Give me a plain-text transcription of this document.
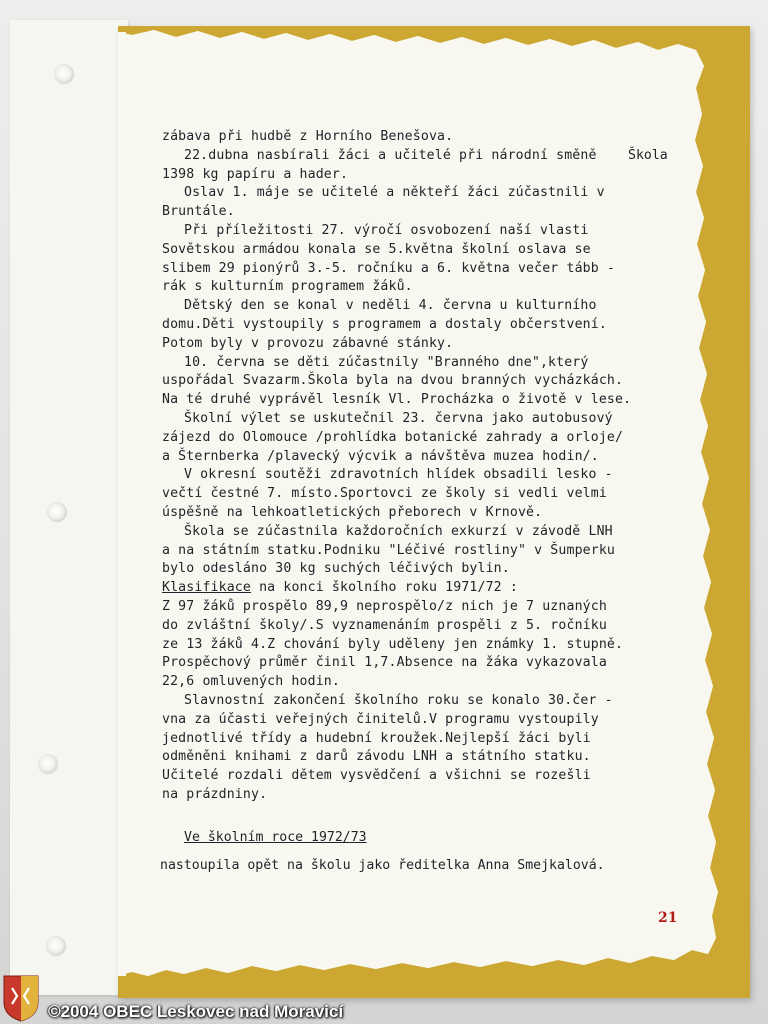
zábava při hudbě z Horního Benešova.
22.dubna nasbírali žáci a učitelé při národní směně
1398 kg papíru a hader.
Oslav 1. máje se učitelé a někteří žáci zúčastnili v
Bruntále.
Při příležitosti 27. výročí osvobození naší vlasti
Sovětskou armádou konala se 5.května školní oslava se
slibem 29 pionýrů 3.-5. ročníku a 6. května večer tább -
rák s kulturním programem žáků.
Dětský den se konal v neděli 4. června u kulturního
domu.Děti vystoupily s programem a dostaly občerstvení.
Potom byly v provozu zábavné stánky.
10. června se děti zúčastnily "Branného dne",který
uspořádal Svazarm.Škola byla na dvou branných vycházkách.
Na té druhé vyprávěl lesník Vl. Procházka o životě v lese.
Školní výlet se uskutečnil 23. června jako autobusový
zájezd do Olomouce /prohlídka botanické zahrady a orloje/
a Šternberka /plavecký výcvik a návštěva muzea hodin/.
V okresní soutěži zdravotních hlídek obsadili lesko -
večtí čestné 7. místo.Sportovci ze školy si vedli velmi
úspěšně na lehkoatletických přeborech v Krnově.
Škola se zúčastnila každoročních exkurzí v závodě LNH
a na státním statku.Podniku "Léčivé rostliny" v Šumperku
bylo odesláno 30 kg suchých léčivých bylin.
Klasifikace na konci školního roku 1971/72 :
Z 97 žáků prospělo 89,9 neprospělo/z nich je 7 uznaných
do zvláštní školy/.S vyznamenáním prospěli z 5. ročníku
ze 13 žáků 4.Z chování byly uděleny jen známky 1. stupně.
Prospěchový průměr činil 1,7.Absence na žáka vykazovala
22,6 omluvených hodin.
Slavnostní zakončení školního roku se konalo 30.čer -
vna za účasti veřejných činitelů.V programu vystoupily
jednotlivé třídy a hudební kroužek.Nejlepší žáci byli
odměněni knihami z darů závodu LNH a státního statku.
Učitelé rozdali dětem vysvědčení a všichni se rozešli
na prázdniny.
Škola
Ve školním roce 1972/73
nastoupila opět na školu jako ředitelka Anna Smejkalová.
21
©2004 OBEC Leskovec nad Moravicí
